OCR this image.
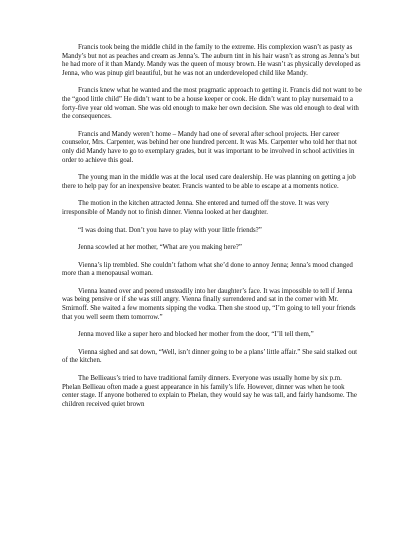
Francis took being the middle child in the family to the extreme. His complexion wasn’t as pasty as Mandy’s but not as peaches and cream as Jenna’s. The auburn tint in his hair wasn’t as strong as Jenna’s but he had more of it than Mandy. Mandy was the queen of mousy brown. He wasn’t as physically developed as Jenna, who was pinup girl beautiful, but he was not an underdeveloped child like Mandy.

Francis knew what he wanted and the most pragmatic approach to getting it. Francis did not want to be the “good little child” He didn’t want to be a house keeper or cook. He didn’t want to play nursemaid to a forty-five year old woman. She was old enough to make her own decision. She was old enough to deal with the consequences.

Francis and Mandy weren’t home – Mandy had one of several after school projects. Her career counselor, Mrs. Carpenter, was behind her one hundred percent. It was Ms. Carpenter who told her that not only did Mandy have to go to exemplary grades, but it was important to be involved in school activities in order to achieve this goal.

The young man in the middle was at the local used care dealership. He was planning on getting a job there to help pay for an inexpensive beater. Francis wanted to be able to escape at a moments notice.

The motion in the kitchen attracted Jenna. She entered and turned off the stove. It was very irresponsible of Mandy not to finish dinner. Vienna looked at her daughter.

“I was doing that. Don’t you have to play with your little friends?”

Jenna scowled at her mother, “What are you making here?”

Vienna’s lip trembled. She couldn’t fathom what she’d done to annoy Jenna; Jenna’s mood changed more than a menopausal woman.

Vienna leaned over and peered unsteadily into her daughter’s face. It was impossible to tell if Jenna was being pensive or if she was still angry. Vienna finally surrendered and sat in the corner with Mr. Smirnoff. She waited a few moments sipping the vodka. Then she stood up, “I’m going to tell your friends that you well seem them tomorrow.”

Jenna moved like a super hero and blocked her mother from the door, “I’ll tell them,”

Vienna sighed and sat down, “Well, isn’t dinner going to be a plans’ little affair.” She said stalked out of the kitchen.

The Bellieaus’s tried to have traditional family dinners. Everyone was usually home by six p.m. Phelan Bellieau often made a guest appearance in his family’s life. However, dinner was when he took center stage. If anyone bothered to explain to Phelan, they would say he was tall, and fairly handsome. The children received quiet brown
